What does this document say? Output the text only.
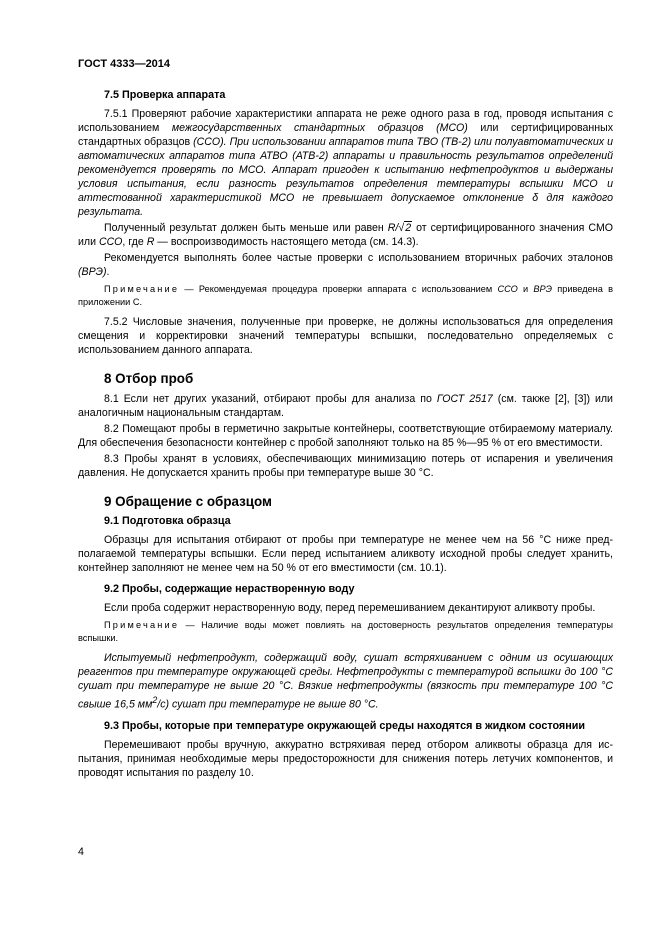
ГОСТ 4333—2014
7.5 Проверка аппарата

7.5.1 Проверяют рабочие характеристики аппарата не реже одного раза в год, проводя испытания с использованием межгосударственных стандартных образцов (МСО) или сертифицированных стандартных образцов (ССО). При использовании аппаратов типа ТВО (ТВ-2) или полуавтоматических и автоматических аппаратов типа АТВО (АТВ-2) аппараты и правильность результатов определений рекомендуется проверять по МСО. Аппарат пригоден к испытанию нефтепродуктов и выдержаны условия испытания, если разность результатов определения температуры вспышки МСО и аттестованной характеристикой МСО не превышает допускаемое отклонение δ для каждого результата.

Полученный результат должен быть меньше или равен R/√2 от сертифицированного значения СМО или ССО, где R — воспроизводимость настоящего метода (см. 14.3).

Рекомендуется выполнять более частые проверки с использованием вторичных рабочих эталонов (ВРЭ).

Примечание — Рекомендуемая процедура проверки аппарата с использованием ССО и ВРЭ приведена в приложении С.

7.5.2 Числовые значения, полученные при проверке, не должны использоваться для определения смещения и корректировки значений температуры вспышки, последовательно определяемых с использованием данного аппарата.

8 Отбор проб

8.1 Если нет других указаний, отбирают пробы для анализа по ГОСТ 2517 (см. также [2], [3]) или аналогичным национальным стандартам.

8.2 Помещают пробы в герметично закрытые контейнеры, соответствующие отбираемому материалу. Для обеспечения безопасности контейнер с пробой заполняют только на 85 %—95 % от его вместимости.

8.3 Пробы хранят в условиях, обеспечивающих минимизацию потерь от испарения и увеличения давления. Не допускается хранить пробы при температуре выше 30 °С.

9 Обращение с образцом
9.1 Подготовка образца

Образцы для испытания отбирают от пробы при температуре не менее чем на 56 °С ниже предполагаемой температуры вспышки. Если перед испытанием аликвоту исходной пробы следует хранить, контейнер заполняют не менее чем на 50 % от его вместимости (см. 10.1).

9.2 Пробы, содержащие нерастворенную воду

Если проба содержит нерастворенную воду, перед перемешиванием декантируют аликвоту пробы.

Примечание — Наличие воды может повлиять на достоверность результатов определения температуры вспышки.

Испытуемый нефтепродукт, содержащий воду, сушат встряхиванием с одним из осушающих реагентов при температуре окружающей среды. Нефтепродукты с температурой вспышки до 100 °С сушат при температуре не выше 20 °С. Вязкие нефтепродукты (вязкость при температуре 100 °С свыше 16,5 $мм^2/с$) сушат при температуре не выше 80 °С.

9.3 Пробы, которые при температуре окружающей среды находятся в жидком состоянии

Перемешивают пробы вручную, аккуратно встряхивая перед отбором аликвоты образца для испытания, принимая необходимые меры предосторожности для снижения потерь летучих компонентов, и проводят испытания по разделу 10.

4
